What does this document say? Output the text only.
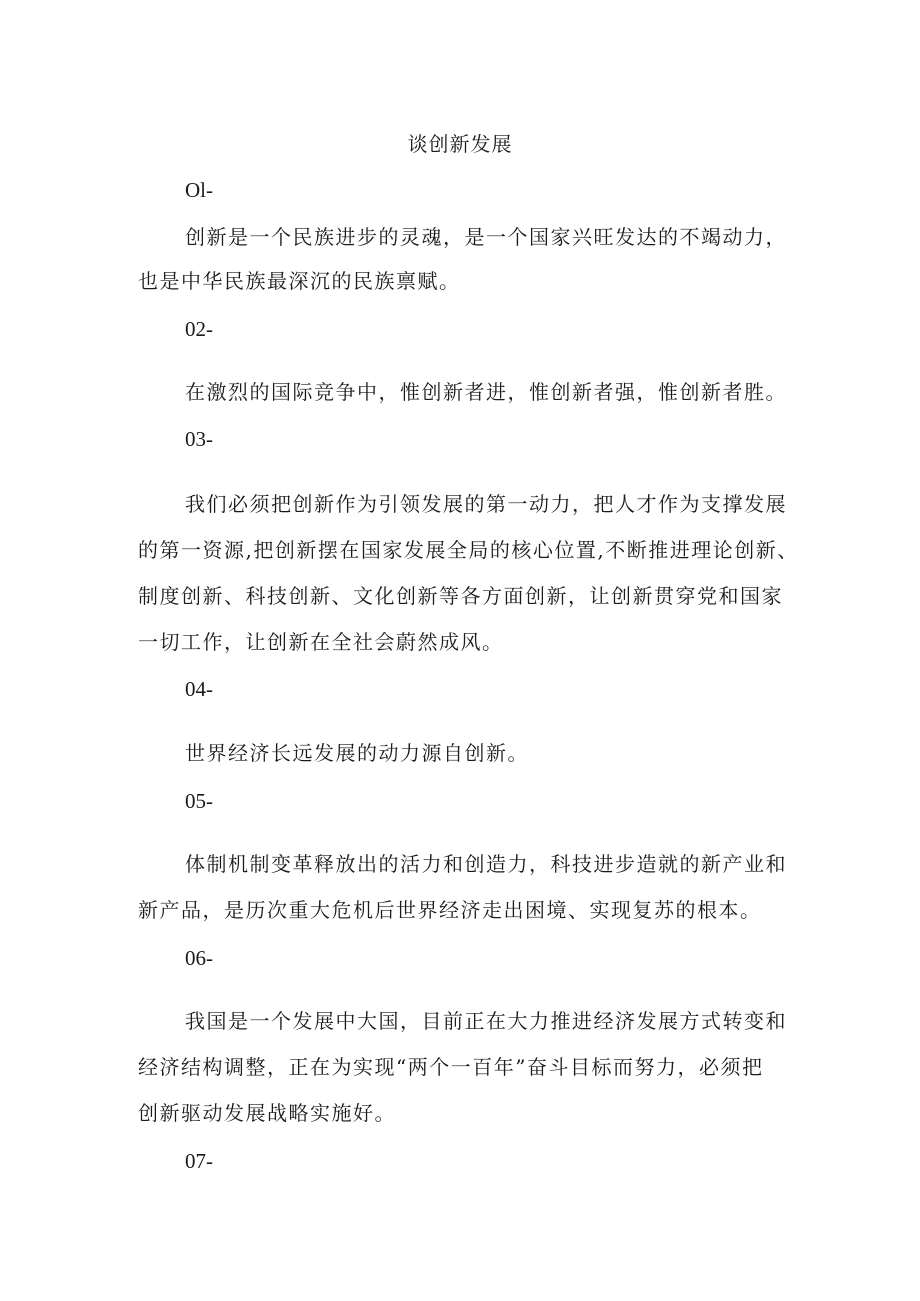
谈创新发展
Ol-
创新是一个民族进步的灵魂，是一个国家兴旺发达的不竭动力，
也是中华民族最深沉的民族禀赋。
02-
在激烈的国际竞争中，惟创新者进，惟创新者强，惟创新者胜。
03-
我们必须把创新作为引领发展的第一动力，把人才作为支撑发展
的第一资源,把创新摆在国家发展全局的核心位置,不断推进理论创新、
制度创新、科技创新、文化创新等各方面创新，让创新贯穿党和国家
一切工作，让创新在全社会蔚然成风。
04-
世界经济长远发展的动力源自创新。
05-
体制机制变革释放出的活力和创造力，科技进步造就的新产业和
新产品，是历次重大危机后世界经济走出困境、实现复苏的根本。
06-
我国是一个发展中大国，目前正在大力推进经济发展方式转变和
经济结构调整，正在为实现“两个一百年”奋斗目标而努力，必须把
创新驱动发展战略实施好。
07-
